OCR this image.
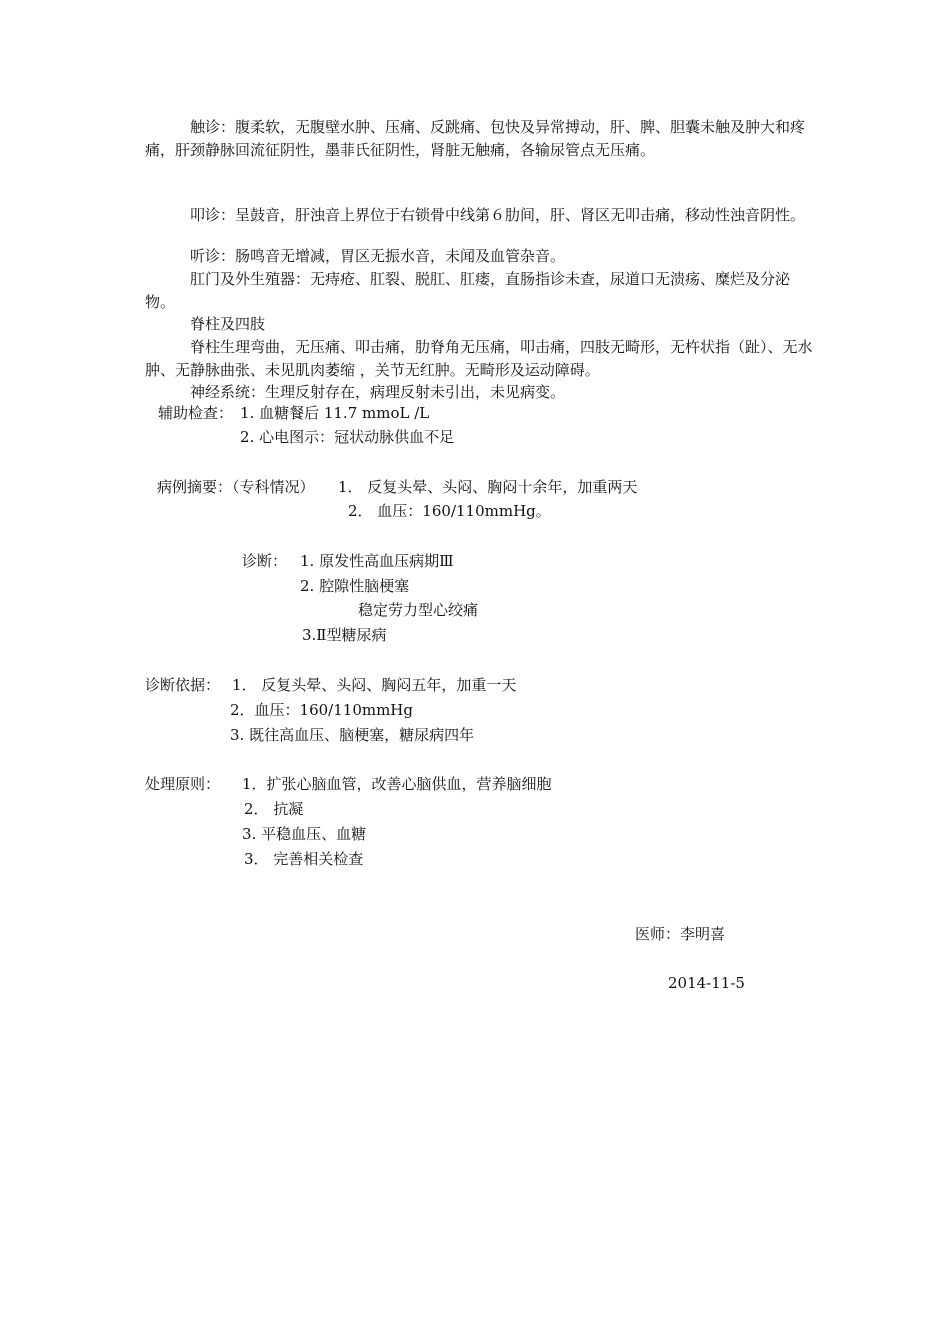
触诊：腹柔软，无腹壁水肿、压痛、反跳痛、包快及异常搏动，肝、脾、胆囊未触及肿大和疼痛，肝颈静脉回流征阴性，墨菲氏征阴性，肾脏无触痛，各输尿管点无压痛。
叩诊：呈鼓音，肝浊音上界位于右锁骨中线第６肋间，肝、肾区无叩击痛，移动性浊音阴性。
听诊：肠鸣音无增减，胃区无振水音，未闻及血管杂音。
肛门及外生殖器：无痔疮、肛裂、脱肛、肛瘘，直肠指诊未查，尿道口无溃疡、糜烂及分泌物。
脊柱及四肢
脊柱生理弯曲，无压痛、叩击痛，肋脊角无压痛，叩击痛，四肢无畸形，无杵状指（趾）、无水肿、无静脉曲张、未见肌肉萎缩 ，关节无红肿。无畸形及运动障碍。
神经系统：生理反射存在，病理反射未引出，未见病变。
辅助检查： 1. 血糖餐后 11.7 mmoL /L
2. 心电图示：冠状动脉供血不足
病例摘要：（专科情况） 1． 反复头晕、头闷、胸闷十余年，加重两天
2． 血压：160/110mmHg。
诊断： 1. 原发性高血压病期Ⅲ
2. 腔隙性脑梗塞
稳定劳力型心绞痛
3.Ⅱ型糖尿病
诊断依据： 1． 反复头晕、头闷、胸闷五年，加重一天
2．血压：160/110mmHg
3. 既往高血压、脑梗塞，糖尿病四年
处理原则： 1．扩张心脑血管，改善心脑供血，营养脑细胞
2． 抗凝
3. 平稳血压、血糖
3． 完善相关检查
医师：李明喜
2014-11-5
